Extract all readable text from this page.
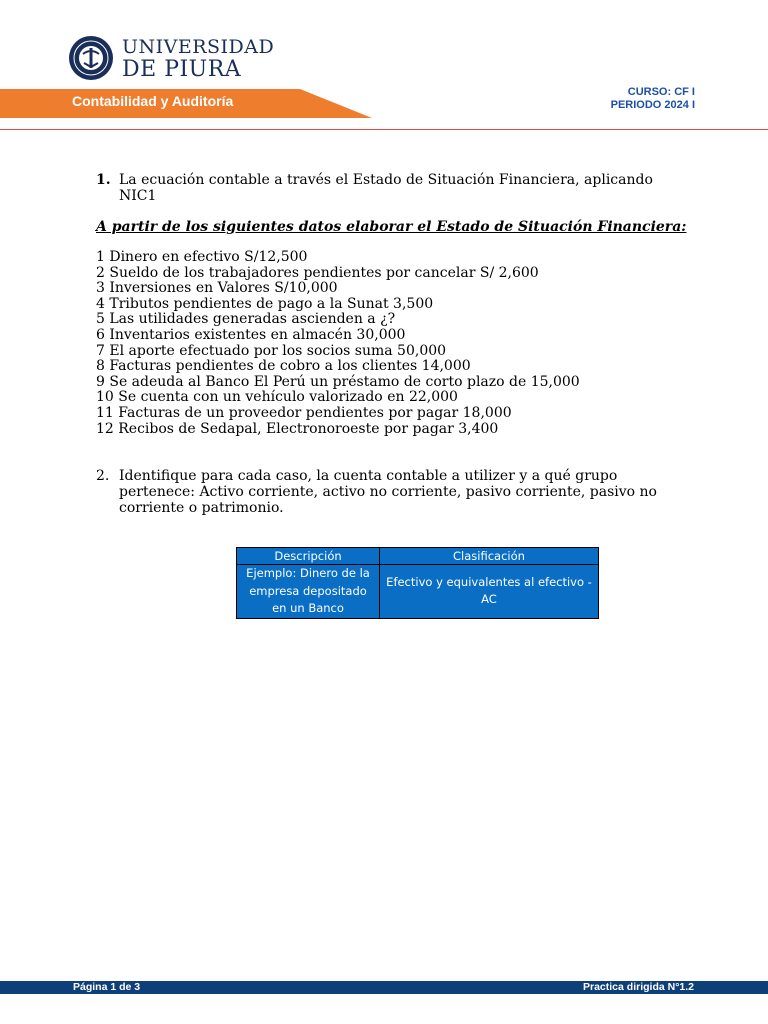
UNIVERSIDAD
DE PIURA
Contabilidad y Auditoría
CURSO: CF I
PERIODO 2024 I
1. La ecuación contable a través el Estado de Situación Financiera, aplicando NIC1
A partir de los siguientes datos elaborar el Estado de Situación Financiera:
1 Dinero en efectivo S/12,500
2 Sueldo de los trabajadores pendientes por cancelar S/ 2,600
3 Inversiones en Valores S/10,000
4 Tributos pendientes de pago a la Sunat 3,500
5 Las utilidades generadas ascienden a ¿?
6 Inventarios existentes en almacén 30,000
7 El aporte efectuado por los socios suma 50,000
8 Facturas pendientes de cobro a los clientes 14,000
9 Se adeuda al Banco El Perú un préstamo de corto plazo de 15,000
10 Se cuenta con un vehículo valorizado en 22,000
11 Facturas de un proveedor pendientes por pagar 18,000
12 Recibos de Sedapal, Electronoroeste por pagar 3,400
2. Identifique para cada caso, la cuenta contable a utilizer y a qué grupo pertenece: Activo corriente, activo no corriente, pasivo corriente, pasivo no corriente o patrimonio.
Descripción	Clasificación
Ejemplo: Dinero de la empresa depositado en un Banco	Efectivo y equivalentes al efectivo - AC
Página 1 de 3	Practica dirigida N°1.2
